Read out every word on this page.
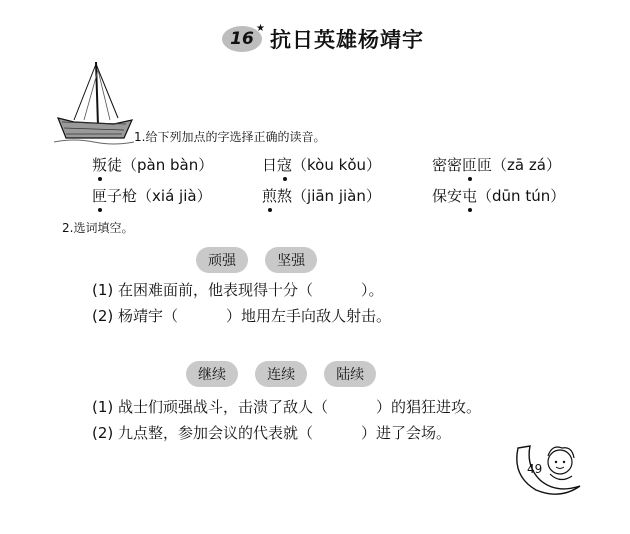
16
★ 抗日英雄杨靖宇
1.给下列加点的字选择正确的读音。
叛徒（pàn bàn）	日寇（kòu kǒu）	密密匝匝（zā zá）
匣子枪（xiá jià）	煎熬（jiān jiàn）	保安屯（dūn tún）
2.选词填空。
顽强	坚强
(1) 在困难面前，他表现得十分（	）。
(2) 杨靖宇（	）地用左手向敌人射击。
继续	连续	陆续
(1) 战士们顽强战斗，击溃了敌人（	）的猖狂进攻。
(2) 九点整，参加会议的代表就（	）进了会场。
49
